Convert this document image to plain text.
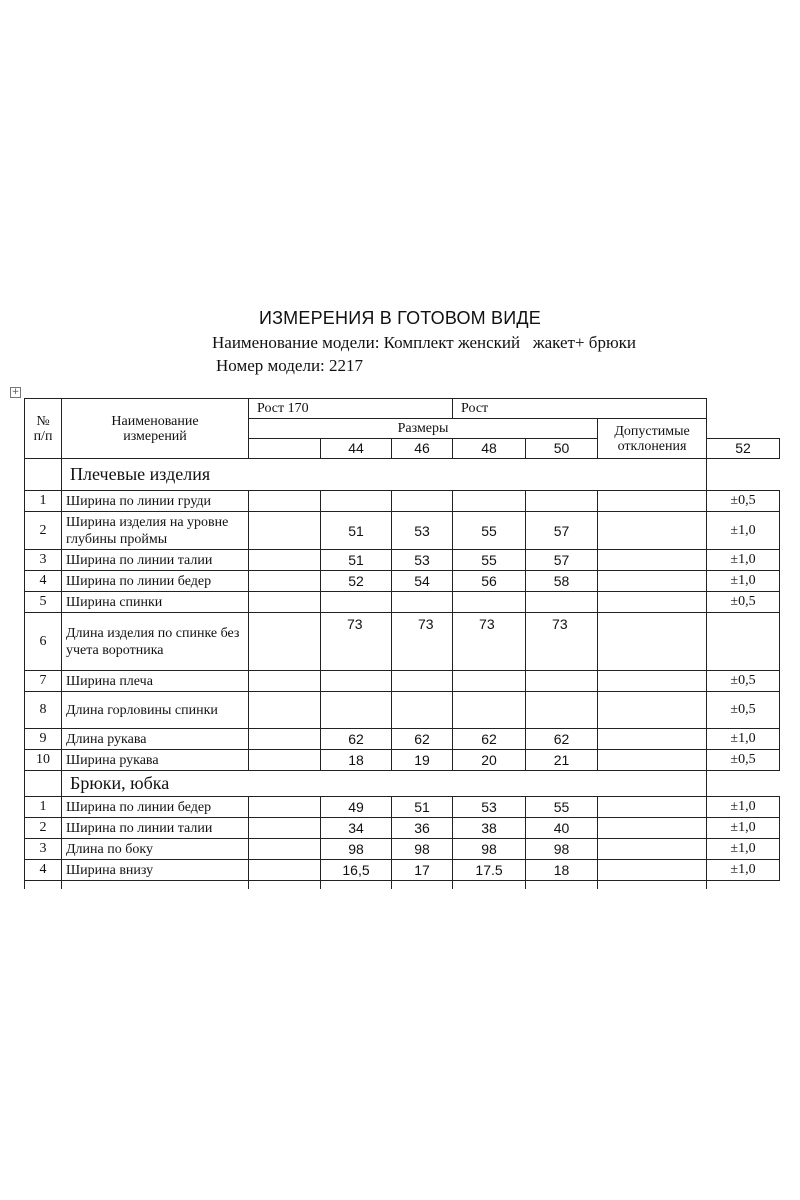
ИЗМЕРЕНИЯ В ГОТОВОМ ВИДЕ
Наименование модели: Комплект женский   жакет+ брюки
Номер модели: 2217
+
№
п/п	Наименование
измерений	Рост 170			Рост			
		Размеры					Допустимые
отклонения	
			44	46	48	50		52
	Плечевые изделия							
1	Ширина по линии груди							±0,5
2	Ширина изделия на уровне глубины проймы		51	53	55	57		±1,0
3	Ширина по линии талии		51	53	55	57		±1,0
4	Ширина по линии бедер		52	54	56	58		±1,0
5	Ширина спинки							±0,5
6	Длина изделия по спинке без учета воротника		73	73	73	73		
7	Ширина плеча							±0,5
8	Длина горловины спинки							±0,5
9	Длина рукава		62	62	62	62		±1,0
10	Ширина рукава		18	19	20	21		±0,5
	Брюки, юбка							
1	Ширина по линии бедер		49	51	53	55		±1,0
2	Ширина по линии талии		34	36	38	40		±1,0
3	Длина по боку		98	98	98	98		±1,0
4	Ширина внизу		16,5	17	17.5	18		±1,0
